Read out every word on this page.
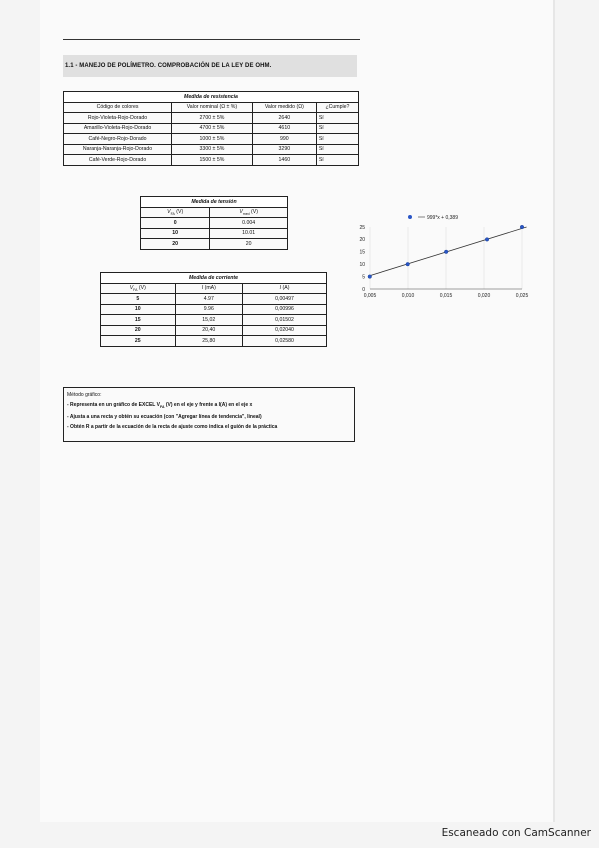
1.1 - MANEJO DE POLÍMETRO. COMPROBACIÓN DE LA LEY DE OHM.
Medida de resistencia			
Código de colores	Valor nominal (Ω ± %)	Valor medido (Ω)	¿Cumple?
Rojo-Violeta-Rojo-Dorado	2700 ± 5%	2640	Sí
Amarillo-Violeta-Rojo-Dorado	4700 ± 5%	4610	Sí
Café-Negro-Rojo-Dorado	1000 ± 5%	990	Sí
Naranja-Naranja-Rojo-Dorado	3300 ± 5%	3290	Sí
Café-Verde-Rojo-Dorado	1500 ± 5%	1460	Sí
Medida de tensión	
$V_{FA}$ (V)	$V_{med}$ (V)
0	0.004
10	10.01
20	20
Medida de corriente		
$V_{FA}$ (V)	I (mA)	I (A)
5	4.97	0,00497
10	9.96	0,00996
15	15,02	0,01502
20	20,40	0,02040
25	25,80	0,02580
0,005	0,010	0,015	0,020	0,025
0
5
10
15
20
25
999*x + 0,389
Método gráfico:
- Representa en un gráfico de EXCEL $V_{FA}$ (V) en el eje y frente a I(A) en el eje x
- Ajusta a una recta y obtén su ecuación (con "Agregar línea de tendencia", lineal)
- Obtén R a partir de la ecuación de la recta de ajuste como indica el guión de la práctica
Escaneado con CamScanner
